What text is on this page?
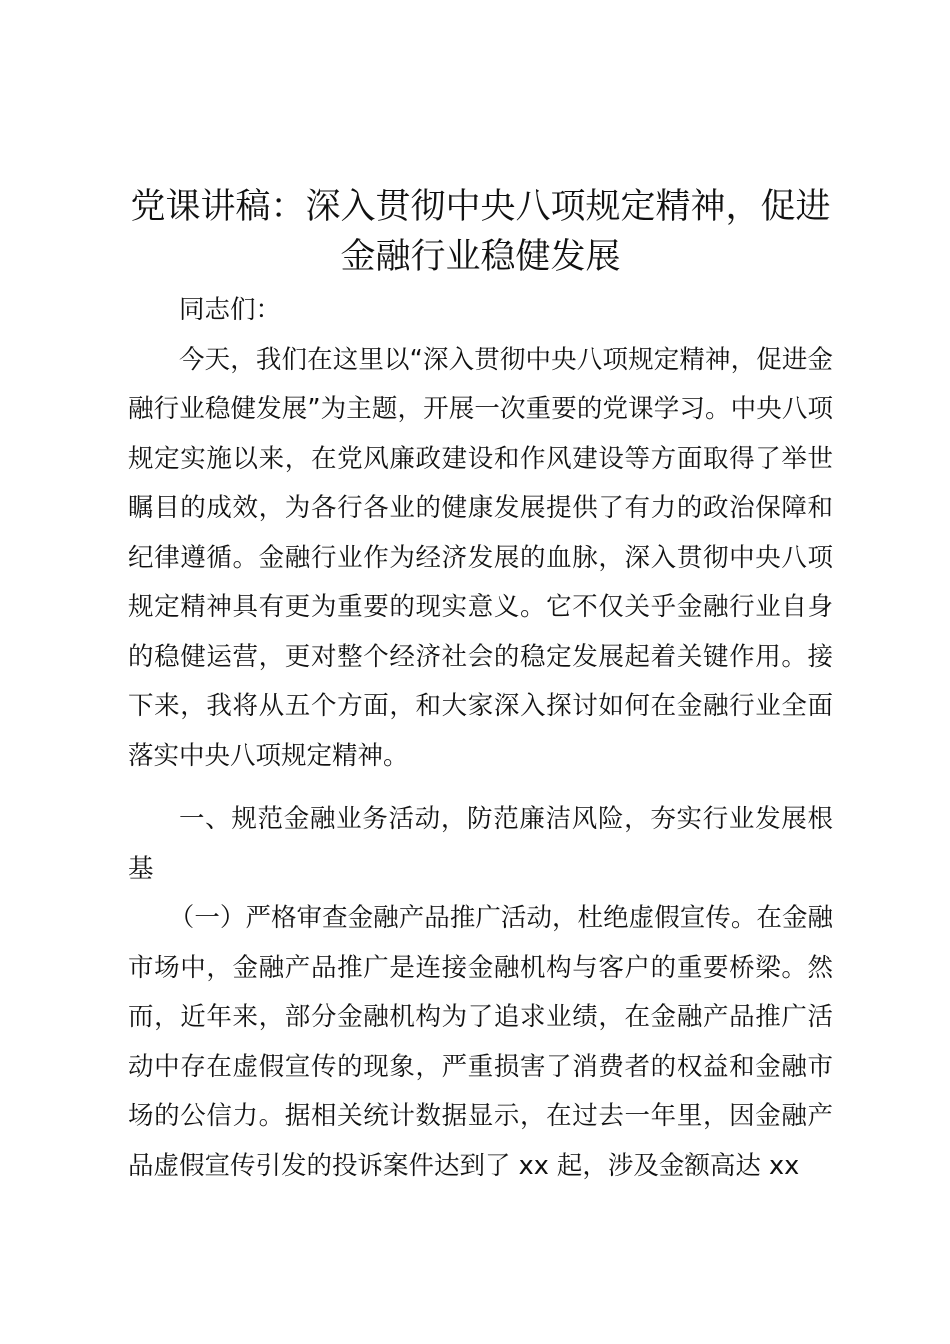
党课讲稿：深入贯彻中央八项规定精神，促进金融行业稳健发展

同志们：

今天，我们在这里以“深入贯彻中央八项规定精神，促进金融行业稳健发展”为主题，开展一次重要的党课学习。中央八项规定实施以来，在党风廉政建设和作风建设等方面取得了举世瞩目的成效，为各行各业的健康发展提供了有力的政治保障和纪律遵循。金融行业作为经济发展的血脉，深入贯彻中央八项规定精神具有更为重要的现实意义。它不仅关乎金融行业自身的稳健运营，更对整个经济社会的稳定发展起着关键作用。接下来，我将从五个方面，和大家深入探讨如何在金融行业全面落实中央八项规定精神。

一、规范金融业务活动，防范廉洁风险，夯实行业发展根基

（一）严格审查金融产品推广活动，杜绝虚假宣传。在金融市场中，金融产品推广是连接金融机构与客户的重要桥梁。然而，近年来，部分金融机构为了追求业绩，在金融产品推广活动中存在虚假宣传的现象，严重损害了消费者的权益和金融市场的公信力。据相关统计数据显示，在过去一年里，因金融产品虚假宣传引发的投诉案件达到了 xx 起，涉及金额高达 xx
